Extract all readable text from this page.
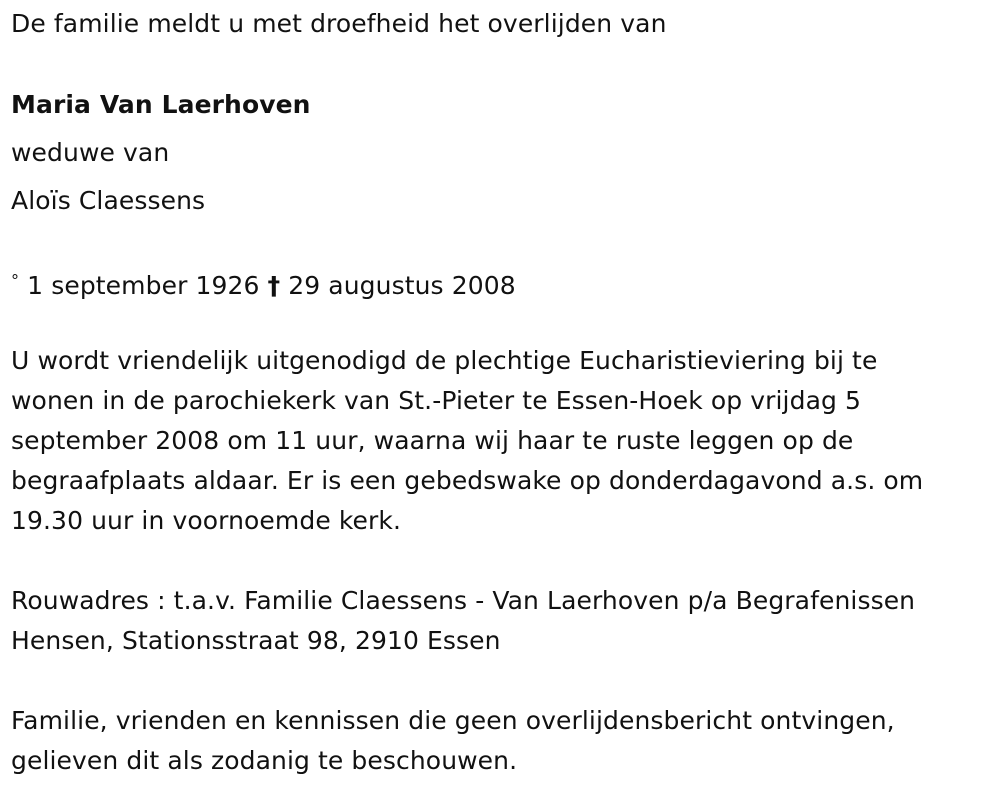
De familie meldt u met droefheid het overlijden van
Maria Van Laerhoven
weduwe van
Aloïs Claessens
° 1 september 1926 † 29 augustus 2008
U wordt vriendelijk uitgenodigd de plechtige Eucharistieviering bij te
wonen in de parochiekerk van St.-Pieter te Essen-Hoek op vrijdag 5
september 2008 om 11 uur, waarna wij haar te ruste leggen op de
begraafplaats aldaar. Er is een gebedswake op donderdagavond a.s. om
19.30 uur in voornoemde kerk.
Rouwadres : t.a.v. Familie Claessens - Van Laerhoven p/a Begrafenissen
Hensen, Stationsstraat 98, 2910 Essen
Familie, vrienden en kennissen die geen overlijdensbericht ontvingen,
gelieven dit als zodanig te beschouwen.
